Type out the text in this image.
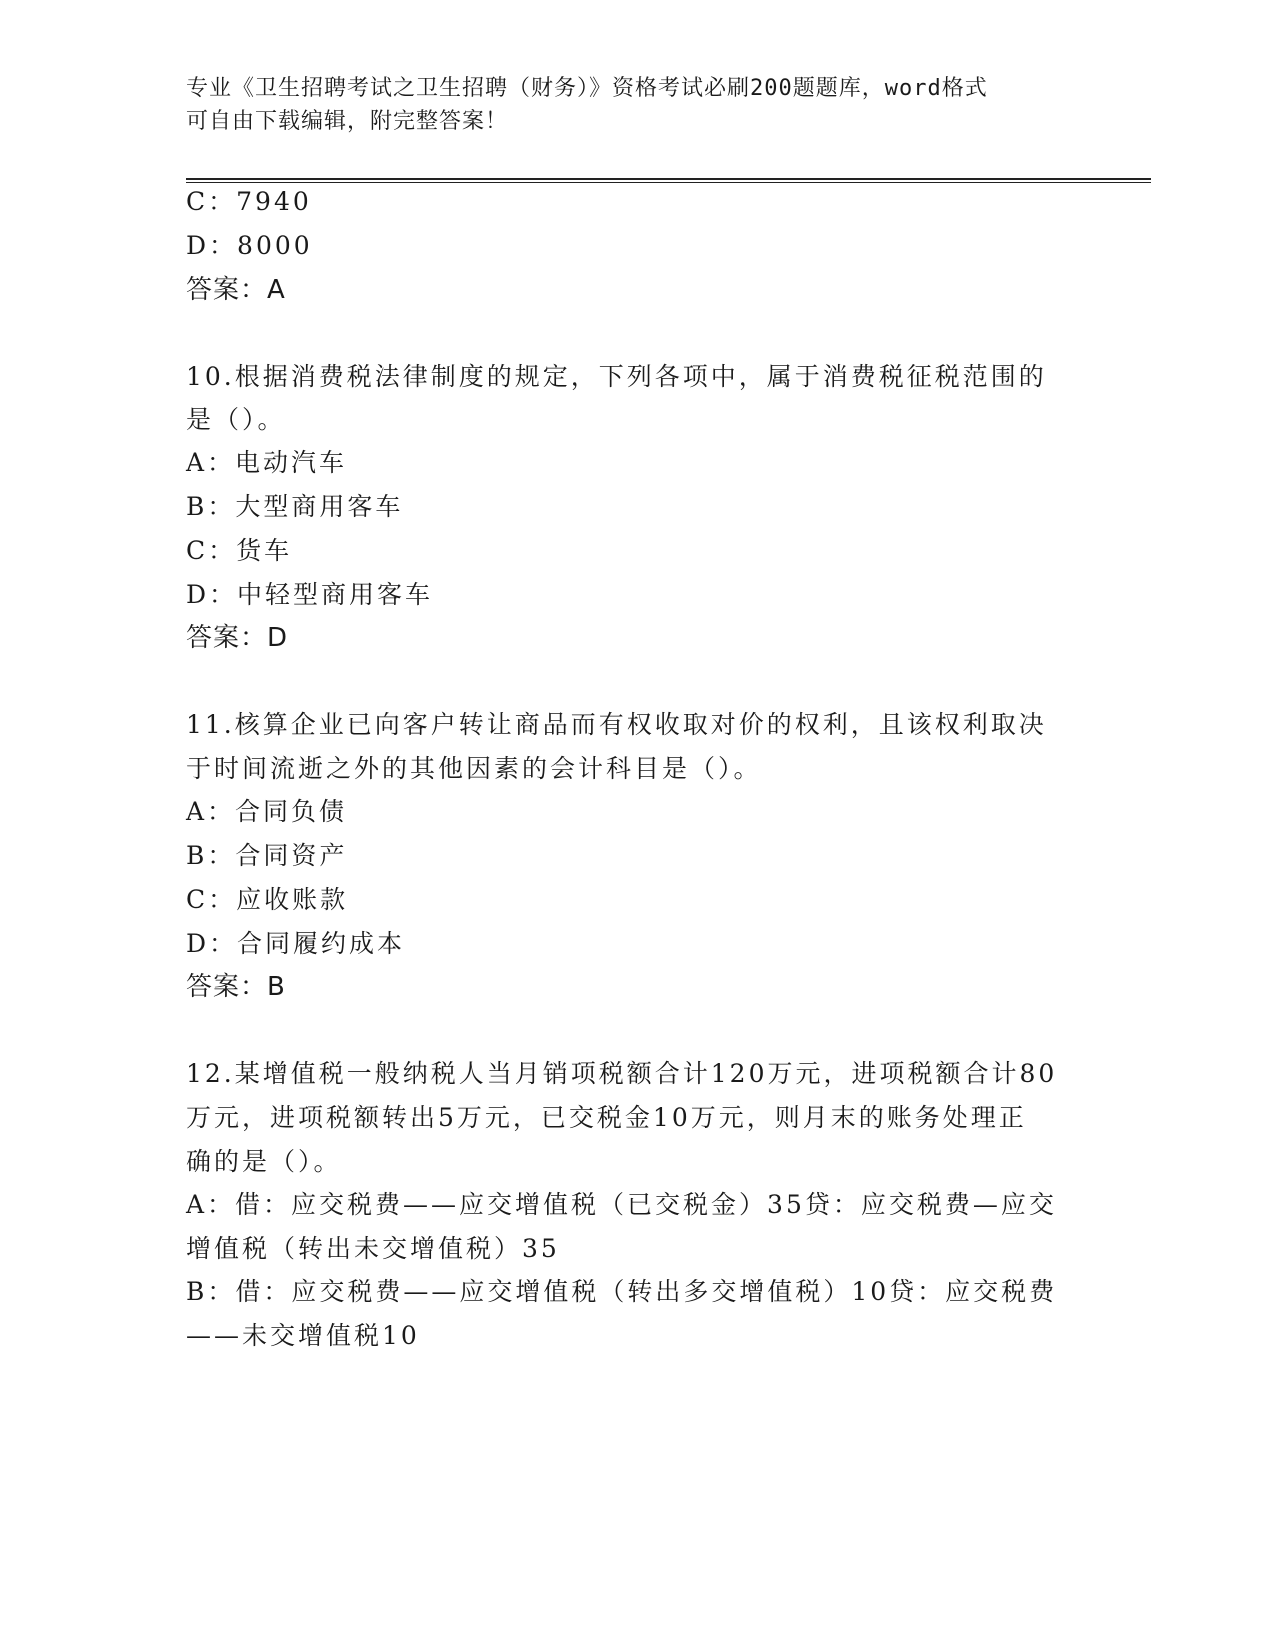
专业《卫生招聘考试之卫生招聘（财务）》资格考试必刷200题题库，word格式
可自由下载编辑，附完整答案！
C：7940
D：8000
答案：A
10.根据消费税法律制度的规定，下列各项中，属于消费税征税范围的
是（）。
A：电动汽车
B：大型商用客车
C：货车
D：中轻型商用客车
答案：D
11.核算企业已向客户转让商品而有权收取对价的权利，且该权利取决
于时间流逝之外的其他因素的会计科目是（）。
A：合同负债
B：合同资产
C：应收账款
D：合同履约成本
答案：B
12.某增值税一般纳税人当月销项税额合计120万元，进项税额合计80
万元，进项税额转出5万元，已交税金10万元，则月末的账务处理正
确的是（）。
A：借：应交税费——应交增值税（已交税金）35贷：应交税费—应交
增值税（转出未交增值税）35
B：借：应交税费——应交增值税（转出多交增值税）10贷：应交税费
——未交增值税10
